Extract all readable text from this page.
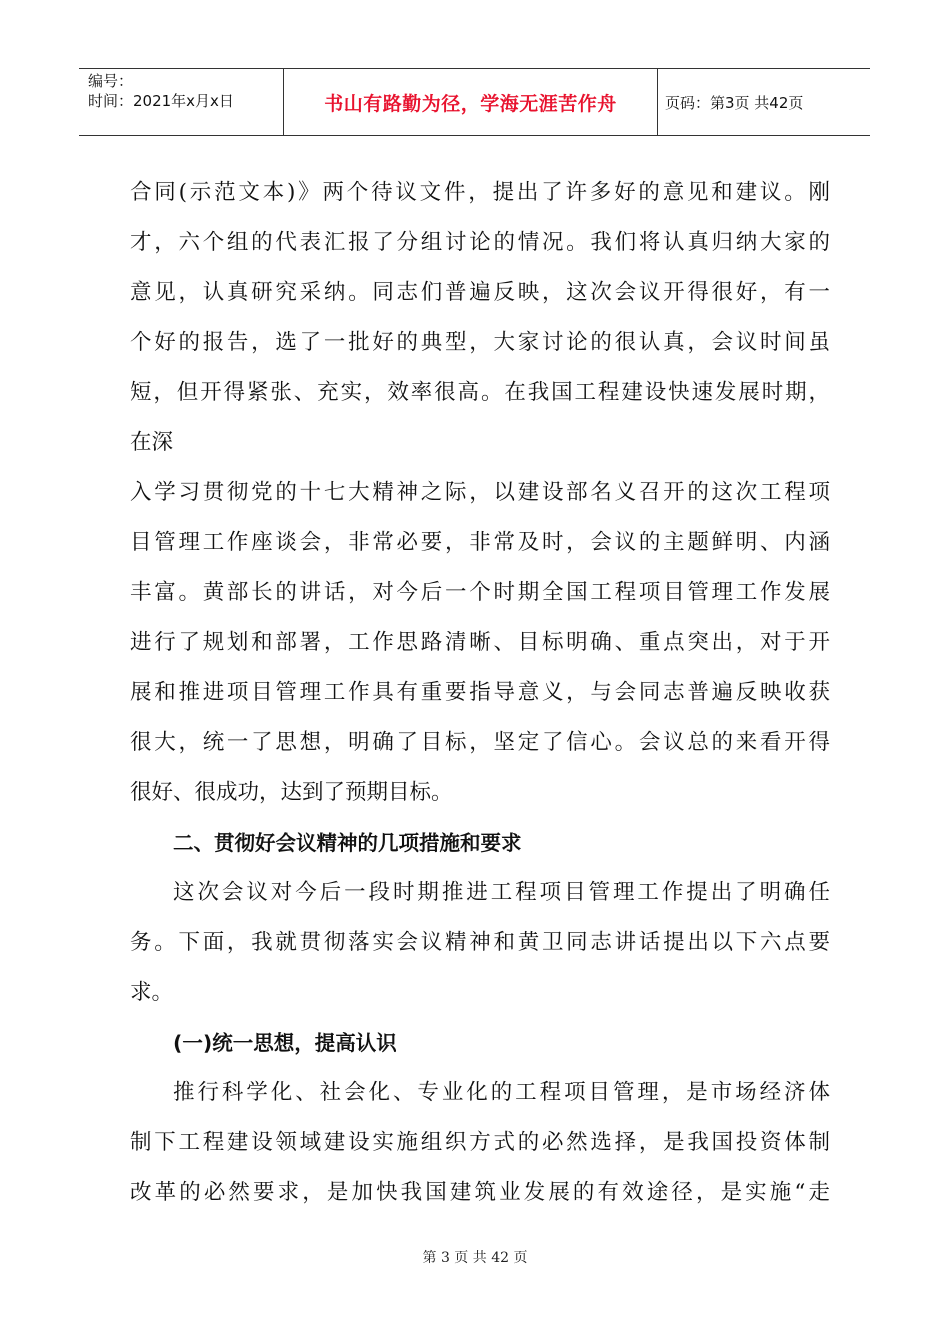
编号：
时间：2021年x月x日	书山有路勤为径，学海无涯苦作舟	页码：第3页 共42页
合同(示范文本)》两个待议文件，提出了许多好的意见和建议。刚
才，六个组的代表汇报了分组讨论的情况。我们将认真归纳大家的
意见，认真研究采纳。同志们普遍反映，这次会议开得很好，有一
个好的报告，选了一批好的典型，大家讨论的很认真，会议时间虽
短，但开得紧张、充实，效率很高。在我国工程建设快速发展时期，
在深
入学习贯彻党的十七大精神之际，以建设部名义召开的这次工程项
目管理工作座谈会，非常必要，非常及时，会议的主题鲜明、内涵
丰富。黄部长的讲话，对今后一个时期全国工程项目管理工作发展
进行了规划和部署，工作思路清晰、目标明确、重点突出，对于开
展和推进项目管理工作具有重要指导意义，与会同志普遍反映收获
很大，统一了思想，明确了目标，坚定了信心。会议总的来看开得
很好、很成功，达到了预期目标。
二、贯彻好会议精神的几项措施和要求
这次会议对今后一段时期推进工程项目管理工作提出了明确任
务。下面，我就贯彻落实会议精神和黄卫同志讲话提出以下六点要
求。
(一)统一思想，提高认识
推行科学化、社会化、专业化的工程项目管理，是市场经济体
制下工程建设领域建设实施组织方式的必然选择，是我国投资体制
改革的必然要求，是加快我国建筑业发展的有效途径，是实施“走
第 3 页 共 42 页
